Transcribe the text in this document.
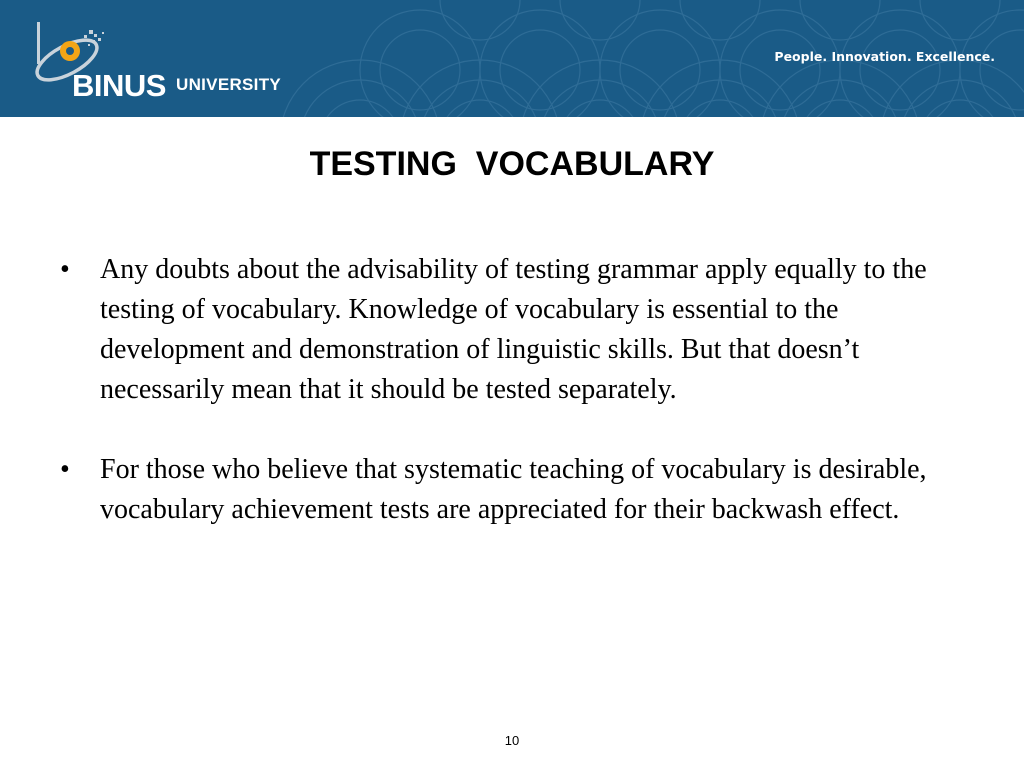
BINUS UNIVERSITY
People. Innovation. Excellence.
TESTING  VOCABULARY
•	Any doubts about the advisability of testing grammar apply equally to the testing of vocabulary. Knowledge of vocabulary is essential to the development and demonstration of linguistic skills. But that doesn’t necessarily mean that it should be tested separately.
•	For those who believe that systematic teaching of vocabulary is desirable, vocabulary achievement tests are appreciated for their backwash effect.
10
